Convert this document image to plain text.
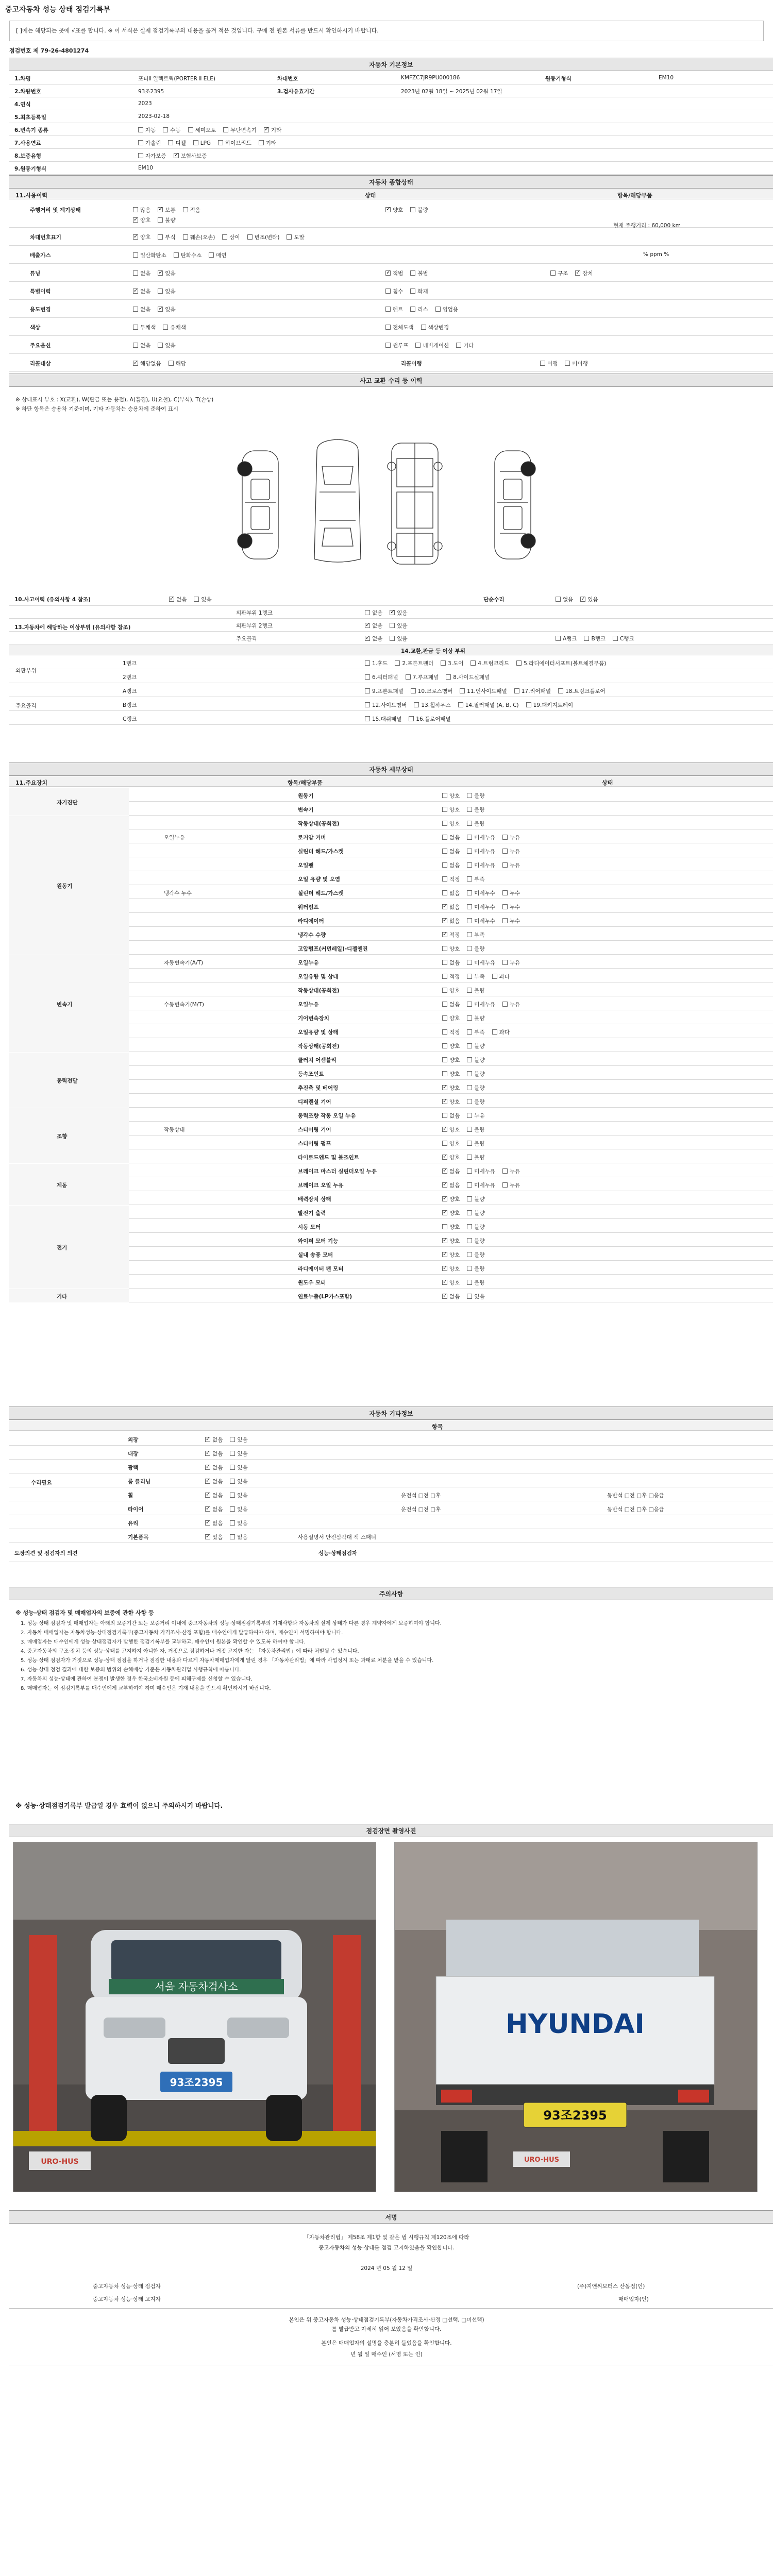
중고자동차 성능 상태 점검기록부
[ ]에는 해당되는 곳에 √표를 합니다. ※ 이 서식은 실제 점검기록부의 내용을 옮겨 적은 것입니다. 구매 전 원본 서류를 반드시 확인하시기 바랍니다.
점검번호 제 79-26-4801274
자동차 기본정보
1.차명	포터Ⅱ 일렉트릭(PORTER Ⅱ ELE)	차대번호	KMFZC7JR9PU000186	원동기형식	EM10
2.차량번호	93조2395	3.검사유효기간	2023년 02월 18일 ~ 2025년 02월 17일
4.연식	2023
5.최초등록일	2023-02-18
6.변속기 종류	자동	수동	세미오토	무단변속기 ✓	기타
7.사용연료	가솔린	디젤	LPG	하이브리드	기타
8.보증유형	자가보증 ✓	보험사보증
9.원동기형식	EM10
자동차 종합상태
11.사용이력	상태	항목/해당부품
주행거리 및 계기상태	많음 ✓	보통	적음 ✓	양호	불량
✓양호	불량
차대번호표기 ✓	양호	부식	훼손(오손)	상이	변조(변타)	도말
배출가스	일산화탄소	탄화수소	매연	% ppm %
튜닝	없음 ✓	있음 ✓	적법	불법	구조 ✓	장치
특별이력 ✓	없음	있음	침수	화재
용도변경	없음 ✓	있음	렌트	리스	영업용
색상	무채색	유채색	전체도색	색상변경
주요옵션	없음	있음	썬루프	네비게이션	기타
리콜대상 ✓	해당없음	해당	리콜이행	이행	미이행
현재 주행거리 : 60,000 km
사고 교환 수리 등 이력
※ 상태표시 부호 : X(교환), W(판금 또는 용접), A(흠집), U(요철), C(부식), T(손상)
※ 하단 항목은 승용차 기준이며, 기타 자동차는 승용차에 준하여 표시
10.사고이력 (유의사항 4 참조) ✓	없음	있음	단순수리	없음 ✓	있음
13.자동차에 해당하는 이상부위 (유의사항 참조)
외판부위 1랭크	없음 ✓	있음
외판부위 2랭크 ✓	없음	있음
주요골격 ✓	없음	있음	A랭크	B랭크	C랭크
14.교환,판금 등 이상 부위
1랭크	1.후드	2.프론트펜더	3.도어	4.트렁크리드	5.라디에이터서포트(볼트체결부품)
2랭크	6.쿼터패널	7.루프패널	8.사이드실패널
외판부위
A랭크	9.프론트패널	10.크로스멤버	11.인사이드패널	17.리어패널	18.트렁크플로어
B랭크	12.사이드멤버	13.휠하우스	14.필러패널 (A, B, C)	19.패키지트레이
C랭크	15.대쉬패널	16.플로어패널
주요골격
자동차 세부상태
11.주요장치	항목/해당부품	상태
원동기	양호	불량
변속기	양호	불량
자기진단
작동상태(공회전)	양호	불량
오일누유	로커암 커버	없음	미세누유	누유
실린더 헤드/가스켓	없음	미세누유	누유
오일팬	없음	미세누유	누유
오일 유량 및 오염	적정	부족
냉각수 누수	실린더 헤드/가스켓	없음	미세누수	누수
워터펌프 ✓	없음	미세누수	누수
라디에이터 ✓	없음	미세누수	누수
냉각수 수량 ✓	적정	부족
고압펌프(커먼레일)-디젤엔진	양호	불량
원동기
자동변속기(A/T)	오일누유	없음	미세누유	누유
오일유량 및 상태	적정	부족	과다
작동상태(공회전)	양호	불량
수동변속기(M/T)	오일누유	없음	미세누유	누유
기어변속장치	양호	불량
오일유량 및 상태	적정	부족	과다
작동상태(공회전)	양호	불량
변속기
클러치 어셈블리	양호	불량
등속조인트	양호	불량
추진축 및 베어링 ✓	양호	불량
디퍼렌셜 기어 ✓	양호	불량
동력전달
동력조향 작동 오일 누유	없음	누유
작동상태	스티어링 기어 ✓	양호	불량
스티어링 펌프	양호	불량
타이로드엔드 및 볼조인트 ✓	양호	불량
조향
브레이크 마스터 실린더오일 누유 ✓	없음	미세누유	누유
브레이크 오일 누유 ✓	없음	미세누유	누유
배력장치 상태 ✓	양호	불량
제동
발전기 출력 ✓	양호	불량
시동 모터	양호	불량
와이퍼 모터 기능 ✓	양호	불량
실내 송풍 모터 ✓	양호	불량
라디에이터 팬 모터 ✓	양호	불량
윈도우 모터 ✓	양호	불량
전기
연료누출(LP가스포함) ✓	없음	있음
기타
자동차 기타정보
항목
외장 ✓	없음	있음
내장 ✓	없음	있음
광택 ✓	없음	있음
룸 클리닝 ✓	없음	있음
휠 ✓	없음	있음	운전석 □전 □후	동반석 □전 □후 □응급
타이어 ✓	없음	있음	운전석 □전 □후	동반석 □전 □후 □응급
유리 ✓	없음	있음
기본품목 ✓	있음	없음	사용설명서 안전삼각대 잭 스패너
수리필요
도장의견 및 점검자의 의견	성능·상태점검자
주의사항
※ 성능·상태 점검자 및 매매업자의 보증에 관한 사항 등
1. 성능·상태 점검자 및 매매업자는 아래의 보증기간 또는 보증거리 이내에 중고자동차의 성능·상태점검기록부의 기재사항과 자동차의 실제 상태가 다른 경우 계약자에게 보증하여야 합니다.
2. 자동차 매매업자는 자동차성능·상태점검기록부(중고자동차 가격조사·산정 포함)를 매수인에게 발급하여야 하며, 매수인이 서명하여야 합니다.
3. 매매업자는 매수인에게 성능·상태점검자가 발행한 점검기록부를 교부하고, 매수인이 원본을 확인할 수 있도록 하여야 합니다.
4. 중고자동차의 구조·장치 등의 성능·상태를 고지하지 아니한 자, 거짓으로 점검하거나 거짓 고지한 자는 「자동차관리법」에 따라 처벌될 수 있습니다.
5. 성능·상태 점검자가 거짓으로 성능·상태 점검을 하거나 점검한 내용과 다르게 자동차매매업자에게 알린 경우 「자동차관리법」에 따라 사업정지 또는 과태료 처분을 받을 수 있습니다.
6. 성능·상태 점검 결과에 대한 보증의 범위와 손해배상 기준은 자동차관리법 시행규칙에 따릅니다.
7. 자동차의 성능·상태에 관하여 분쟁이 발생한 경우 한국소비자원 등에 피해구제를 신청할 수 있습니다.
8. 매매업자는 이 점검기록부를 매수인에게 교부하여야 하며 매수인은 기재 내용을 반드시 확인하시기 바랍니다.
※ 성능·상태점검기록부 발급일 경우 효력이 없으니 주의하시기 바랍니다.
점검장면 촬영사진
서울 자동차검사소
93조2395
URO-HUS
HYUNDAI
93조2395
URO-HUS
서명
「자동차관리법」 제58조 제1항 및 같은 법 시행규칙 제120조에 따라
중고자동차의 성능·상태를 점검 고지하였음을 확인합니다.
2024 년 05 월 12 일
중고자동차 성능·상태 점검자	(주)지앤씨모터스 산동점(인)
중고자동차 성능·상태 고지자	매매업자(인)
본인은 위 중고자동차 성능·상태점검기록부(자동차가격조사·산정 □선택, □미선택)
를 발급받고 자세히 읽어 보았음을 확인합니다.
본인은 매매업자의 설명을 충분히 들었음을 확인합니다.
년 월 일 매수인 (서명 또는 인)
